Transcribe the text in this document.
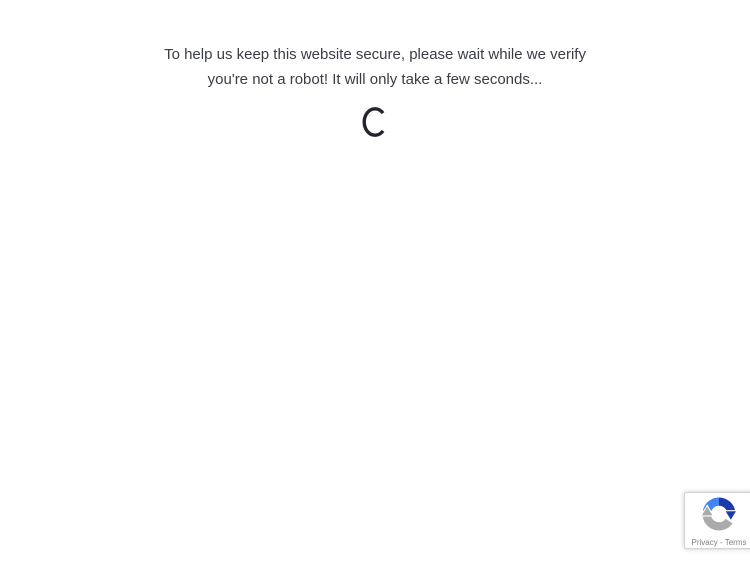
To help us keep this website secure, please wait while we verify you're not a robot! It will only take a few seconds...
Privacy - Terms
